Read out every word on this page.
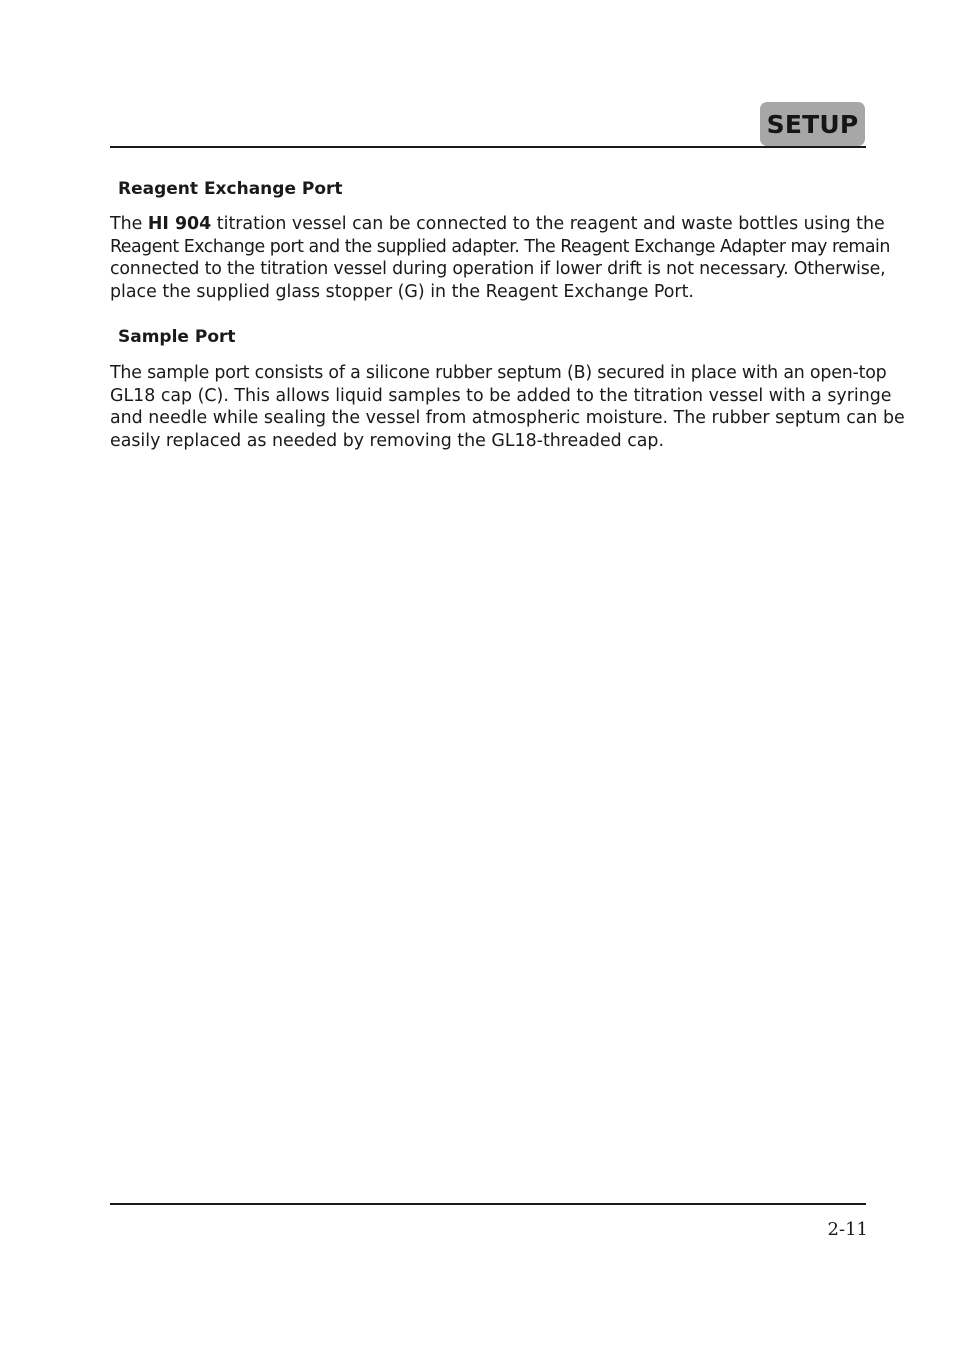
SETUP
Reagent Exchange Port
The HI 904 titration vessel can be connected to the reagent and waste bottles using the
Reagent Exchange port and the supplied adapter. The Reagent Exchange Adapter may remain
connected to the titration vessel during operation if lower drift is not necessary. Otherwise,
place the supplied glass stopper (G) in the Reagent Exchange Port.
Sample Port
The sample port consists of a silicone rubber septum (B) secured in place with an open-top
GL18 cap (C). This allows liquid samples to be added to the titration vessel with a syringe
and needle while sealing the vessel from atmospheric moisture. The rubber septum can be
easily replaced as needed by removing the GL18-threaded cap.
2-11
